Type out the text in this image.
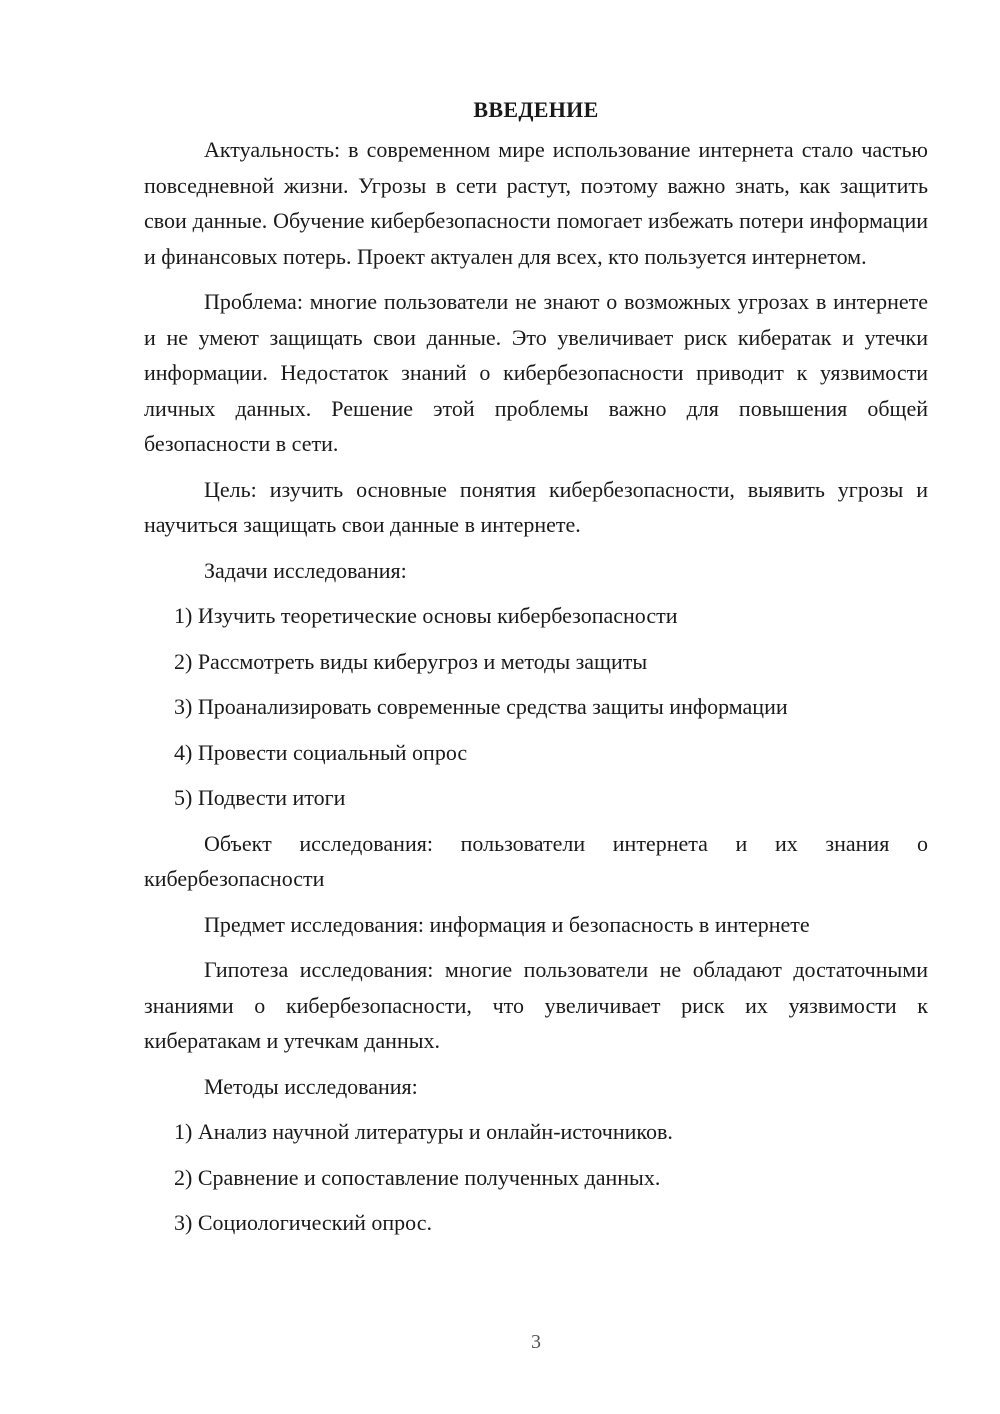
ВВЕДЕНИЕ

Актуальность: в современном мире использование интернета стало частью повседневной жизни. Угрозы в сети растут, поэтому важно знать, как защитить свои данные. Обучение кибербезопасности помогает избежать потери информации и финансовых потерь. Проект актуален для всех, кто пользуется интернетом.

Проблема: многие пользователи не знают о возможных угрозах в интернете и не умеют защищать свои данные. Это увеличивает риск кибератак и утечки информации. Недостаток знаний о кибербезопасности приводит к уязвимости личных данных. Решение этой проблемы важно для повышения общей безопасности в сети.

Цель: изучить основные понятия кибербезопасности, выявить угрозы и научиться защищать свои данные в интернете.

Задачи исследования:

1) Изучить теоретические основы кибербезопасности
2) Рассмотреть виды киберугроз и методы защиты
3) Проанализировать современные средства защиты информации
4) Провести социальный опрос
5) Подвести итоги

Объект исследования: пользователи интернета и их знания о кибербезопасности

Предмет исследования: информация и безопасность в интернете

Гипотеза исследования: многие пользователи не обладают достаточными знаниями о кибербезопасности, что увеличивает риск их уязвимости к кибератакам и утечкам данных.

Методы исследования:

1) Анализ научной литературы и онлайн-источников.
2) Сравнение и сопоставление полученных данных.
3) Социологический опрос.
3
